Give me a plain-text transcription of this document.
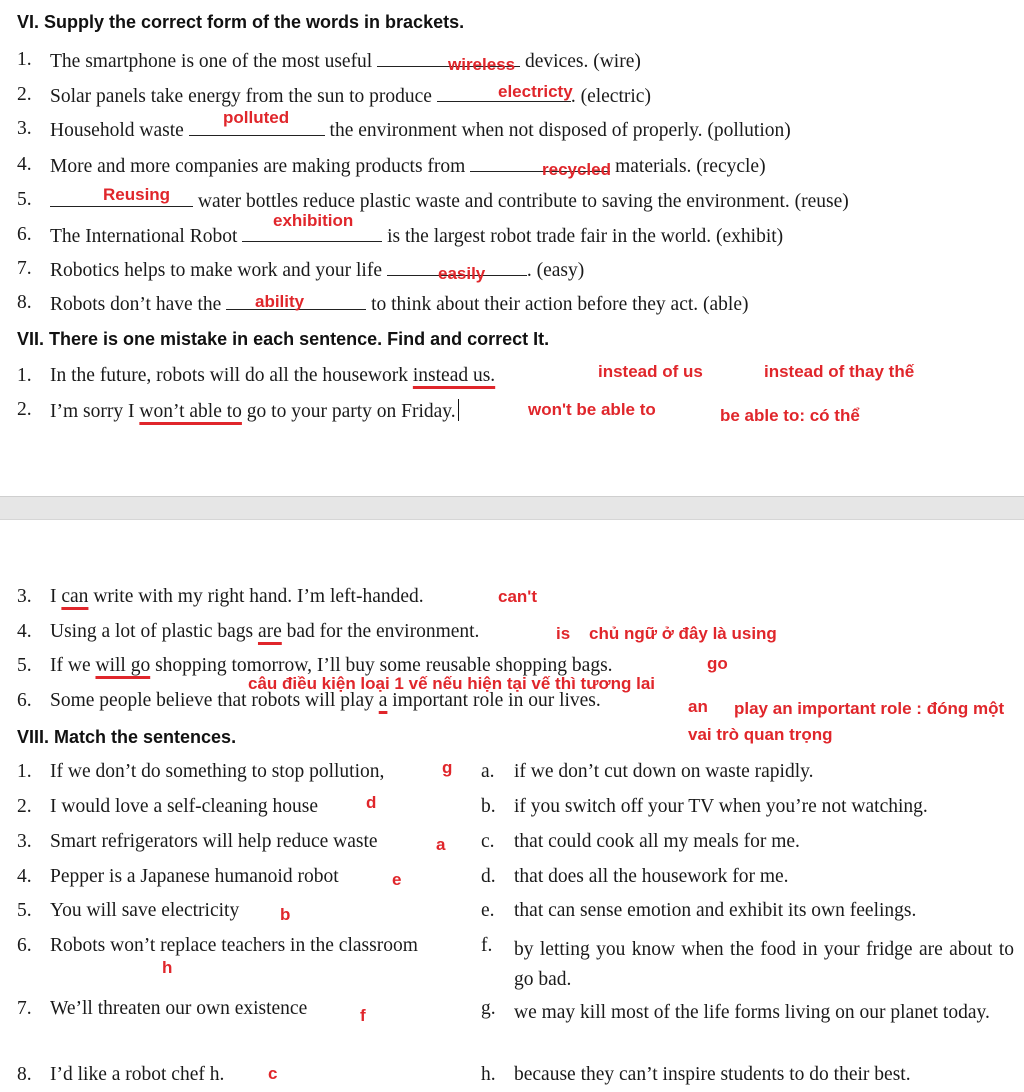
VI. Supply the correct form of the words in brackets.
1. The smartphone is one of the most useful	devices. (wire)
wireless
2. Solar panels take energy from the sun to produce	. (electric)
electricty
3. Household waste	the environment when not disposed of properly. (pollution)
polluted
4. More and more companies are making products from	materials. (recycle)
recycled
5.	water bottles reduce plastic waste and contribute to saving the environment. (reuse)
Reusing
6. The International Robot	is the largest robot trade fair in the world. (exhibit)
exhibition
7. Robotics helps to make work and your life	. (easy)
easily
8. Robots don’t have the	to think about their action before they act. (able)
ability
VII. There is one mistake in each sentence. Find and correct It.
1. In the future, robots will do all the housework instead us.	instead of us	instead of thay thế
2. I’m sorry I won’t able to go to your party on Friday.	won't be able to	be able to: có thể
3. I can write with my right hand. I’m left-handed.	can't
4. Using a lot of plastic bags are bad for the environment.	is chủ ngữ ở đây là using
5. If we will go shopping tomorrow, I’ll buy some reusable shopping bags.	go
câu điều kiện loại 1 vế nếu hiện tại vế thì tương lai
6. Some people believe that robots will play a important role in our lives.	an	play an important role : đóng một vai trò quan trọng
VIII. Match the sentences.
1. If we don’t do something to stop pollution,	g
2. I would love a self-cleaning house	d
3. Smart refrigerators will help reduce waste	a
4. Pepper is a Japanese humanoid robot	e
5. You will save electricity b
6. Robots won’t replace teachers in the classroom
h
7. We’ll threaten our own existence	f
8. I’d like a robot chef h.	c
a. if we don’t cut down on waste rapidly.
b. if you switch off your TV when you’re not watching.
c. that could cook all my meals for me.
d. that does all the housework for me.
e. that can sense emotion and exhibit its own feelings.
f. by letting you know when the food in your fridge are about to go bad.
g. we may kill most of the life forms living on our planet today.
h. because they can’t inspire students to do their best.
